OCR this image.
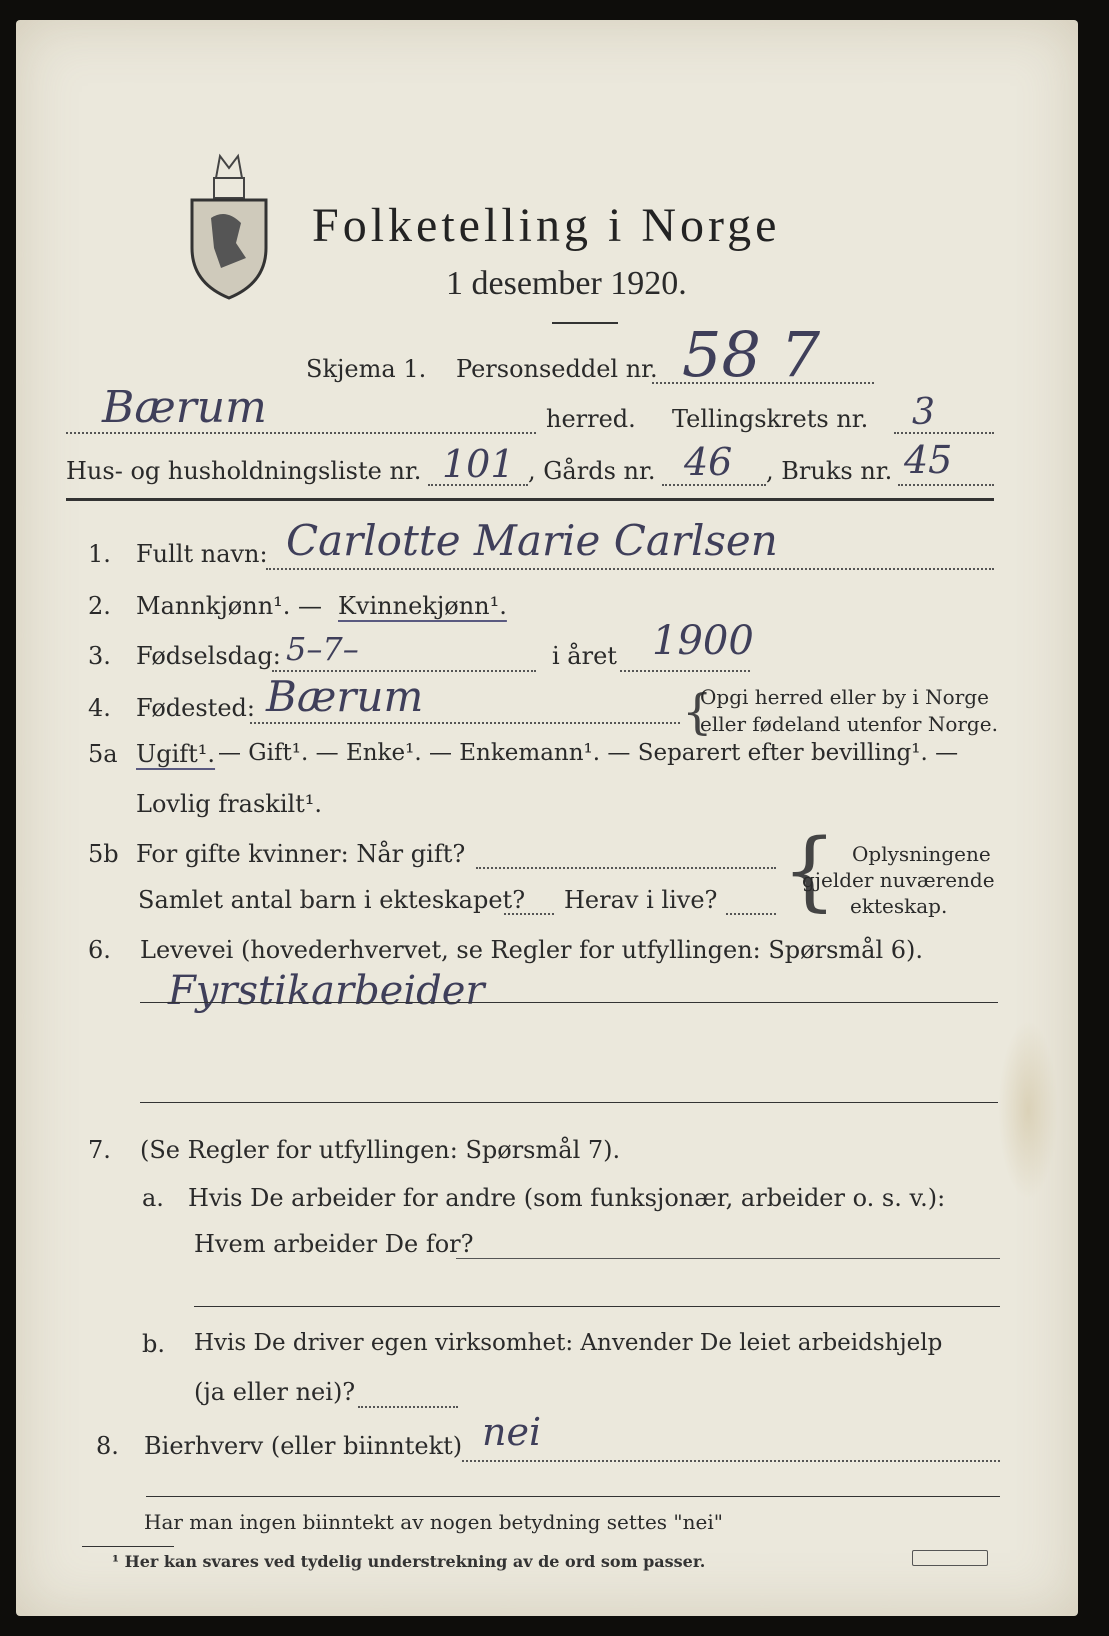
Folketelling i Norge
1 desember 1920.
Skjema 1. Personseddel nr. 58 7
Bærum	herred. Tellingskrets nr. 3
Hus- og husholdningsliste nr. 101 , Gårds nr. 46 , Bruks nr. 45
1. Fullt navn: Carlotte Marie Carlsen
2. Mannkjønn¹. — Kvinnekjønn¹.
3. Fødselsdag: 5–7–	i året 1900
4. Fødested: Bærum	{
Opgi herred eller by i Norge
eller fødeland utenfor Norge.
5a Ugift¹. — Gift¹. — Enke¹. — Enkemann¹. — Separert efter bevilling¹. —
Lovlig fraskilt¹.
5b For gifte kvinner: Når gift?
Samlet antal barn i ekteskapet? Herav i live? { Oplysningene
gjelder nuværende
ekteskap.
6. Levevei (hovederhvervet, se Regler for utfyllingen: Spørsmål 6).
Fyrstikarbeider
7. (Se Regler for utfyllingen: Spørsmål 7).
a. Hvis De arbeider for andre (som funksjonær, arbeider o. s. v.):
Hvem arbeider De for?
b. Hvis De driver egen virksomhet: Anvender De leiet arbeidshjelp
(ja eller nei)?
8. Bierhverv (eller biinntekt) nei
Har man ingen biinntekt av nogen betydning settes "nei"
¹ Her kan svares ved tydelig understrekning av de ord som passer.
